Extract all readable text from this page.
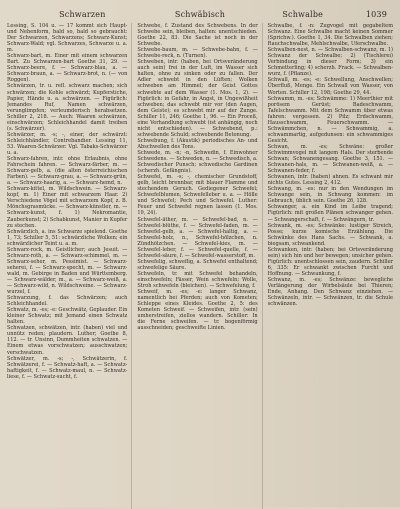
Schwarzen	Schwäbisch	Schwalbe	1039

Lessing, S. 104 u. — 17 kommt sich Haupt- und Nebenform, bald so, bald so gebraucht: Der Schwarzen, Schwarzens; Schwarz-Kunst; Schwarz-Wald; vgl. Schwarzes, Schwarze u. a. m.

Schwarz-bart, m. Einer mit einem schwarzen Bart. Zu Schwarzen-bart Goethe 31, 29. — Schwarz-beere, f. — Schwarz-blau, a. — Schwarz-braun, a. — Schwarz-brot, n. (— von Roggen).

Schwärzen, tr. u. refl. schwarz machen; sich schwärzen; die Kohle schwärzt; Kupferstiche, Papier, Hände u. a. schwärzen. — Figürlich: Jemandes Ruf, Namen schwärzen, verunglimpfen; verleumderisch herabsetzen. Schiller 2, 218. — Auch: Waaren schwärzen, einschwärzen; Schleichhandel damit treiben (s. Schwärzer).

Schwärzer, m. -s; -, einer, der schwärzt: Schleichhändler, Contrebandier. Lessing 11, 53. Waaren-Schwärzer. Vgl. Tabaks-Schwärzer u. a.

Schwarz-fahren, intr. ohne Erlaubnis, ohne Fahrschein fahren. — Schwarz-färber, m. — Schwarz-gelb, a. (die alten österreichischen Farben). — Schwarz-grau, a. — Schwarz-grün, a. — Schwarz-haarig, a. — Schwarz-hemd, n.

Schwarz-kittel, m. Wildschwein. — Schwarz-kopf, m. 1) Einer mit schwarzem Haar. 2) Verschiedene Vögel mit schwarzem Kopf, z. B. Mönchsgrasmücke. — Schwarz-künstler, m. — Schwarz-kunst, f. 1) Nekromantie, Zauberkunst; 2) Schabkunst, Manier in Kupfer zu stechen.

Schwärzlich, a. ins Schwarze spielend. Goethe 1, 73; Schiller 5, 51: schwärzliche Wolken; ein schwärzlicher Teint u. a. m.

Schwarz-rock, m. Geistlicher; auch Jesuit. — Schwarz-roth, a. — Schwarz-schimmel, m. — Schwarz-seher, m. Pessimist. — Schwarz-seherei, f. — Schwarz-specht, m. — Schwarz-wald, m. Gebirge in Baden und Württemberg. — Schwarz-wälder, m., a. — Schwarz-weiß, a. — Schwarz-wild, n. Wildschweine. — Schwarz-wurzel, f.

Schwarzung, f. das Schwärzen; auch Schleichhandel.

Schwatz, m. -es; -e: Geschwätz, Geplauder. Ein kleiner Schwatz; mit Jemand einen Schwatz halten.

Schwatzen, schwätzen, intr. (haben) viel und unnütz reden; plaudern. Luther; Goethe 8, 112. — tr. Unsinn, Dummheiten schwatzen. — Einem etwas vorschwatzen; ausschwatzen; verschwatzen.

Schwätzer, m. -s; -, Schwätzerin, f. Schwätzerei, f. — Schwatz-haft, a. — Schwatz-haftigkeit, f. — Schwatz-maul, n. — Schwatz-liese, f. — Schwatz-sucht, f.

Schwebe, f. Zustand des Schwebens. In der Schwebe sein, bleiben, halten: unentschieden. Goethe 22, 83. Die Sache ist noch in der Schwebe.

Schwebe-baum, m. — Schwebe-bahn, f. — Schwebe-reck, n. (Turnen).

Schweben, intr. (haben, bei Ortsveränderung auch sein) frei in der Luft, im Wasser sich halten, ohne zu sinken oder zu fallen. Der Adler schwebt in den Lüften; Wolken schweben am Himmel; der Geist Gottes schwebte auf dem Wasser (1. Mos. 1, 2). — Figürlich: in Gefahr, in Angst, in Ungewißheit schweben; das schwebt mir vor (den Augen, dem Geiste); es schwebt mir auf der Zunge. Schiller 11, 246; Goethe 1, 96. — Ein Proceß, eine Verhandlung schwebt (ist anhängig, noch nicht entschieden). — Schwebend, p.: schwebende Schuld; schwebende Betonung.

Schwebung, f. (Akustik) periodisches An- und Abschwellen des Tons.

Schwede, m. -n; -n, Schwedin, f. Einwohner Schwedens. — Schweden, n. — Schwedisch, a. Schwedischer Punsch; schwedische Gardinen (scherzh. Gefängnis).

Schwefel, m. -s; -, chemischer Grundstoff, gelb, leicht brennbar, mit blauer Flamme und stechendem Geruch. Gediegener Schwefel; Schwefelblumen, Schwefelleber u. a. — Hölle und Schwefel; Pech und Schwefel. Luther: Feuer und Schwefel regnen lassen (1. Mos. 19, 24).

Schwefel-äther, m. — Schwefel-bad, n. — Schwefel-blüthe, f. — Schwefel-faden, m. — Schwefel-gelb, a. — Schwefel-haltig, a. — Schwefel-holz, n., Schwefel-hölzchen, n. Zündhölzchen. — Schwefel-kies, m. — Schwefel-leber, f. — Schwefel-quelle, f. — Schwefel-säure, f. — Schwefel-wasserstoff, m.

Schwefelig, schweflig, a. Schwefel enthaltend; schwefelige Säure.

Schwefeln, tr. mit Schwefel behandeln, einschwefeln; Fässer, Wein schwefeln; Wolle, Stroh schwefeln (bleichen). — Schwefelung, f.

Schweif, m. -es; -e: langer Schwanz, namentlich bei Pferden; auch von Kometen; Schleppe eines Kleides. Goethe 2, 5: des Kometen Schweif. — Schweifen, intr. (sein) umherstreifen, ziellos wandern. Schiller: In die Ferne schweifen. — tr. bogenförmig ausschneiden; geschweifte Linien.

Schwalbe, f. -n: Zugvogel mit gegabeltem Schwanz. Eine Schwalbe macht keinen Sommer (Sprichw.). Goethe 1, 34. Die Schwalben ziehen; Rauchschwalbe, Mehlschwalbe, Uferschwalbe.

Schwalben-nest, n. — Schwalben-schwanz, m. 1) Schwanz der Schwalbe; 2) (Tischlerei) Verbindung in dieser Form; 3) ein Schmetterling; 4) scherzh. Frack. — Schwalben-wurz, f. (Pflanze).

Schwall, m. -es; -e: Schwellung, Anschwellen; Überfluß, Menge. Ein Schwall von Wasser, von Worten. Schiller 12, 198; Goethe 29, 44.

Schwamm, m. -es; Schwämme: 1) Meerthier mit porösem Gerüst; Badeschwamm, Tafelschwamm. Mit dem Schwamm über etwas fahren: vergessen. 2) Pilz; Erdschwamm, Hausschwamm, Feuerschwamm. — Schwämmchen, n. — Schwammig, a. schwammartig, aufgedunsen: ein schwammiges Gesicht.

Schwan, m. -es; Schwäne: großer Schwimmvogel mit langem Hals. Der sterbende Schwan; Schwanengesang. Goethe 3, 151. — Schwanen-hals, m. — Schwanen-weiß, a. — Schwanen-feder, f.

Schwanen, intr. (haben) ahnen. Es schwant mir nichts Gutes. Lessing 2, 412.

Schwang, m. -es: nur in den Wendungen im Schwange sein, in Schwang kommen: im Gebrauch, üblich sein. Goethe 26, 128.

Schwanger, a. ein Kind im Leibe tragend; Figürlich: mit großen Plänen schwanger gehen. — Schwangerschaft, f. — Schwängern, tr.

Schwank, m. -es; Schwänke: lustiger Streich, Posse; kurze komische Erzählung. Die Schwänke des Hans Sachs. — Schwank, a. biegsam, schwankend.

Schwanken, intr. (haben; bei Ortsveränderung sein) sich hin und her bewegen; unsicher gehen. Figürlich: unentschlossen sein, zaudern. Schiller 6, 335: Er schwankt zwischen Furcht und Hoffnung. — Schwankung, f.

Schwanz, m. -es; Schwänze: bewegliche Verlängerung der Wirbelsäule bei Thieren; Ende, Anhang. Den Schwanz einziehen. — Schwänzeln, intr. — Schwänzen, tr. die Schule schwänzen.
